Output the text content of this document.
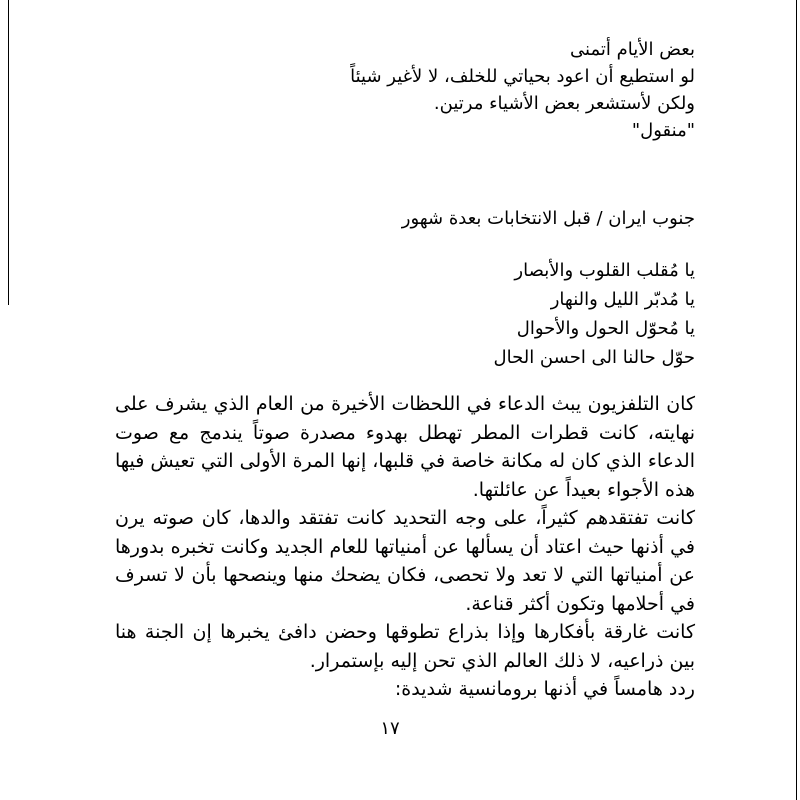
بعض الأيام أتمنى

لو استطيع أن اعود بحياتي للخلف، لا لأغير شيئاً

ولكن لأستشعر بعض الأشياء مرتين.

"منقول"

جنوب ايران / قبل الانتخابات بعدة شهور

يا مُقلب القلوب والأبصار

يا مُدبّر الليل والنهار

يا مُحوّل الحول والأحوال

حوّل حالنا الى احسن الحال

كان التلفزيون يبث الدعاء في اللحظات الأخيرة من العام الذي يشرف على نهايته، كانت قطرات المطر تهطل بهدوء مصدرة صوتاً يندمج مع صوت الدعاء الذي كان له مكانة خاصة في قلبها، إنها المرة الأولى التي تعيش فيها هذه الأجواء بعيداً عن عائلتها.

كانت تفتقدهم كثيراً، على وجه التحديد كانت تفتقد والدها، كان صوته يرن في أذنها حيث اعتاد أن يسألها عن أمنياتها للعام الجديد وكانت تخبره بدورها عن أمنياتها التي لا تعد ولا تحصى، فكان يضحك منها وينصحها بأن لا تسرف في أحلامها وتكون أكثر قناعة.

كانت غارقة بأفكارها وإذا بذراع تطوقها وحضن دافئ يخبرها إن الجنة هنا بين ذراعيه، لا ذلك العالم الذي تحن إليه بإستمرار.

ردد هامساً في أذنها برومانسية شديدة:

١٧
